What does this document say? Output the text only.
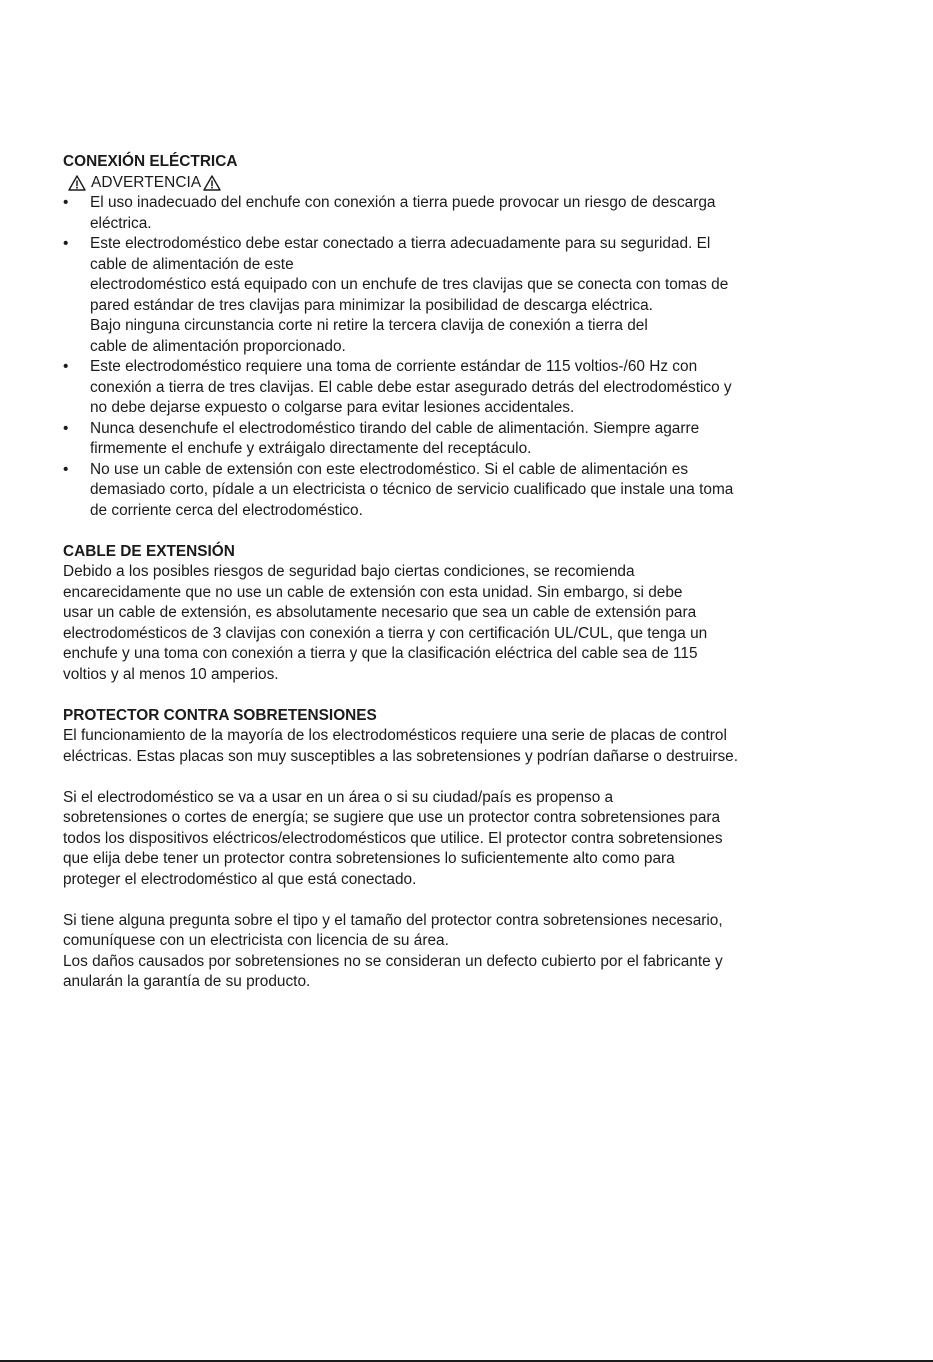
CONEXIÓN ELÉCTRICA
ADVERTENCIA
•	El uso inadecuado del enchufe con conexión a tierra puede provocar un riesgo de descarga
eléctrica.
•	Este electrodoméstico debe estar conectado a tierra adecuadamente para su seguridad. El
cable de alimentación de este
electrodoméstico está equipado con un enchufe de tres clavijas que se conecta con tomas de
pared estándar de tres clavijas para minimizar la posibilidad de descarga eléctrica.
Bajo ninguna circunstancia corte ni retire la tercera clavija de conexión a tierra del
cable de alimentación proporcionado.
•	Este electrodoméstico requiere una toma de corriente estándar de 115 voltios-/60 Hz con
conexión a tierra de tres clavijas. El cable debe estar asegurado detrás del electrodoméstico y
no debe dejarse expuesto o colgarse para evitar lesiones accidentales.
•	Nunca desenchufe el electrodoméstico tirando del cable de alimentación. Siempre agarre
firmemente el enchufe y extráigalo directamente del receptáculo.
•	No use un cable de extensión con este electrodoméstico. Si el cable de alimentación es
demasiado corto, pídale a un electricista o técnico de servicio cualificado que instale una toma
de corriente cerca del electrodoméstico.
CABLE DE EXTENSIÓN

Debido a los posibles riesgos de seguridad bajo ciertas condiciones, se recomienda
encarecidamente que no use un cable de extensión con esta unidad. Sin embargo, si debe
usar un cable de extensión, es absolutamente necesario que sea un cable de extensión para
electrodomésticos de 3 clavijas con conexión a tierra y con certificación UL/CUL, que tenga un
enchufe y una toma con conexión a tierra y que la clasificación eléctrica del cable sea de 115
voltios y al menos 10 amperios.

PROTECTOR CONTRA SOBRETENSIONES

El funcionamiento de la mayoría de los electrodomésticos requiere una serie de placas de control
eléctricas. Estas placas son muy susceptibles a las sobretensiones y podrían dañarse o destruirse.

Si el electrodoméstico se va a usar en un área o si su ciudad/país es propenso a
sobretensiones o cortes de energía; se sugiere que use un protector contra sobretensiones para
todos los dispositivos eléctricos/electrodomésticos que utilice. El protector contra sobretensiones
que elija debe tener un protector contra sobretensiones lo suficientemente alto como para
proteger el electrodoméstico al que está conectado.

Si tiene alguna pregunta sobre el tipo y el tamaño del protector contra sobretensiones necesario,
comuníquese con un electricista con licencia de su área.
Los daños causados por sobretensiones no se consideran un defecto cubierto por el fabricante y
anularán la garantía de su producto.
